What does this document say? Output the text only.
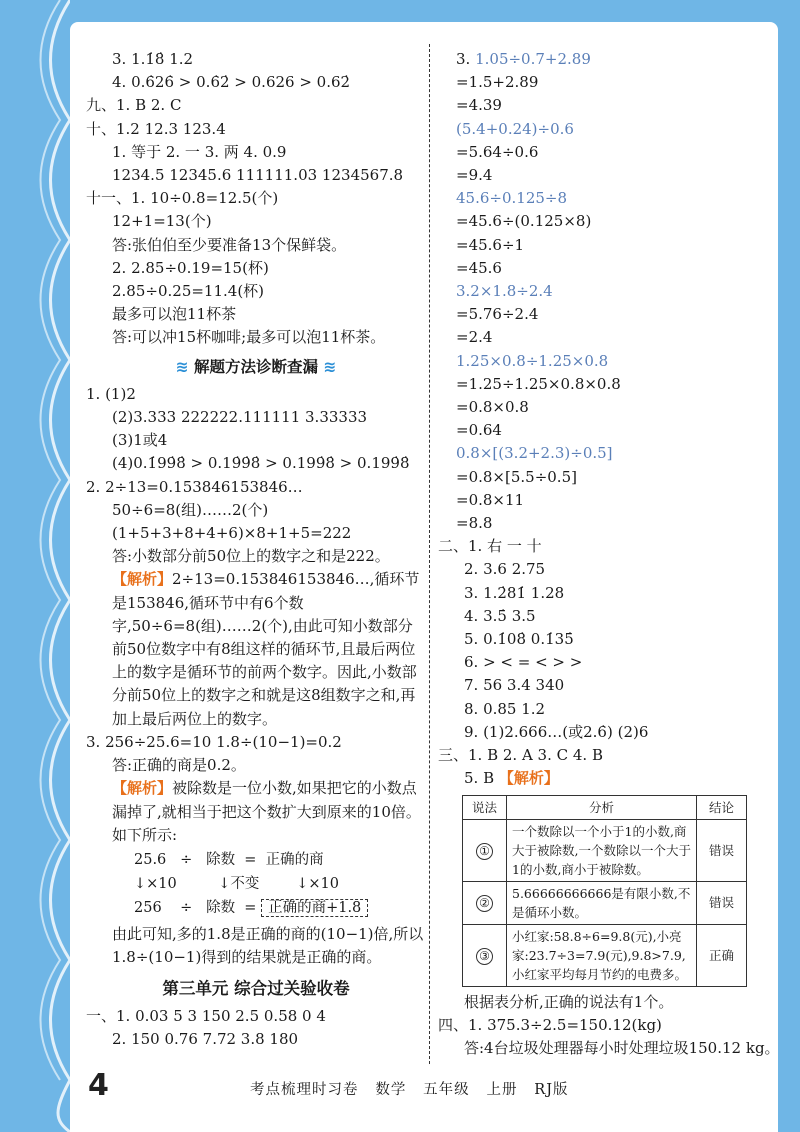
3. 1.1̇8̇ 1.2
4. 0.6̇26̇ > 0.6̇2̇ > 0.626 > 0.62̇
九、1. B 2. C
十、1.2 12.3 123.4
1. 等于 2. 一 3. 两 4. 0.9
1234.5 12345.6 111111.03 1234567.8
十一、1. 10÷0.8=12.5(个)
12+1=13(个)
答:张伯伯至少要准备13个保鲜袋。
2. 2.85÷0.19=15(杯)
2.85÷0.25=11.4(杯)
最多可以泡11杯茶
答:可以冲15杯咖啡;最多可以泡11杯茶。
≋ 解题方法诊断查漏 ≋
1. (1)2
(2)3.333 222222.111111 3.33333
(3)1或4
(4)0.1̇99̇8̇ > 0.19̇9̇8̇ > 0.199̇8̇ > 0.199̇8̇
2. 2÷13=0.153846153846…
50÷6=8(组)……2(个)
(1+5+3+8+4+6)×8+1+5=222
答:小数部分前50位上的数字之和是222。
【解析】2÷13=0.153846153846…,循环节是153846,循环节中有6个数字,50÷6=8(组)……2(个),由此可知小数部分前50位数字中有8组这样的循环节,且最后两位上的数字是循环节的前两个数字。因此,小数部分前50位上的数字之和就是这8组数字之和,再加上最后两位上的数字。
3. 256÷25.6=10 1.8÷(10−1)=0.2
答:正确的商是0.2。
【解析】被除数是一位小数,如果把它的小数点漏掉了,就相当于把这个数扩大到原来的10倍。如下所示:
25.6   ÷   除数  =  正确的商
↓×10         ↓不变        ↓×10
256    ÷   除数  = 正确的商+1.8
由此可知,多的1.8是正确的商的(10−1)倍,所以1.8÷(10−1)得到的结果就是正确的商。
第三单元 综合过关验收卷
一、1. 0.03 5 3 150 2.5 0.58 0 4
2. 150 0.76 7.72 3.8 180
3. 1.05÷0.7+2.89
=1.5+2.89
=4.39
(5.4+0.24)÷0.6
=5.64÷0.6
=9.4
45.6÷0.125÷8
=45.6÷(0.125×8)
=45.6÷1
=45.6
3.2×1.8÷2.4
=5.76÷2.4
=2.4
1.25×0.8÷1.25×0.8
=1.25÷1.25×0.8×0.8
=0.8×0.8
=0.64
0.8×[(3.2+2.3)÷0.5]
=0.8×[5.5÷0.5]
=0.8×11
=8.8
二、1. 右 一 十
2. 3.6 2.75
3. 1.2̇81̇ 1.28
4. 3.5̇ 3.5
5. 0.1̇08̇ 0.1̇35̇
6. > < = < > >
7. 56 3.4 340
8. 0.85 1.2
9. (1)2.666…(或2.6̇) (2)6
三、1. B 2. A 3. C 4. B
5. B 【解析】
说法	分析	结论
①	一个数除以一个小于1的小数,商大于被除数,一个数除以一个大于1的小数,商小于被除数。	错误
②	5.66666666666是有限小数,不是循环小数。	错误
③	小红家:58.8÷6=9.8(元),小亮家:23.7÷3=7.9(元),9.8>7.9,小红家平均每月节约的电费多。	正确
根据表分析,正确的说法有1个。
四、1. 375.3÷2.5=150.12(kg)
答:4台垃圾处理器每小时处理垃圾150.12 kg。
4	考点梳理时习卷   数学   五年级   上册   RJ版
